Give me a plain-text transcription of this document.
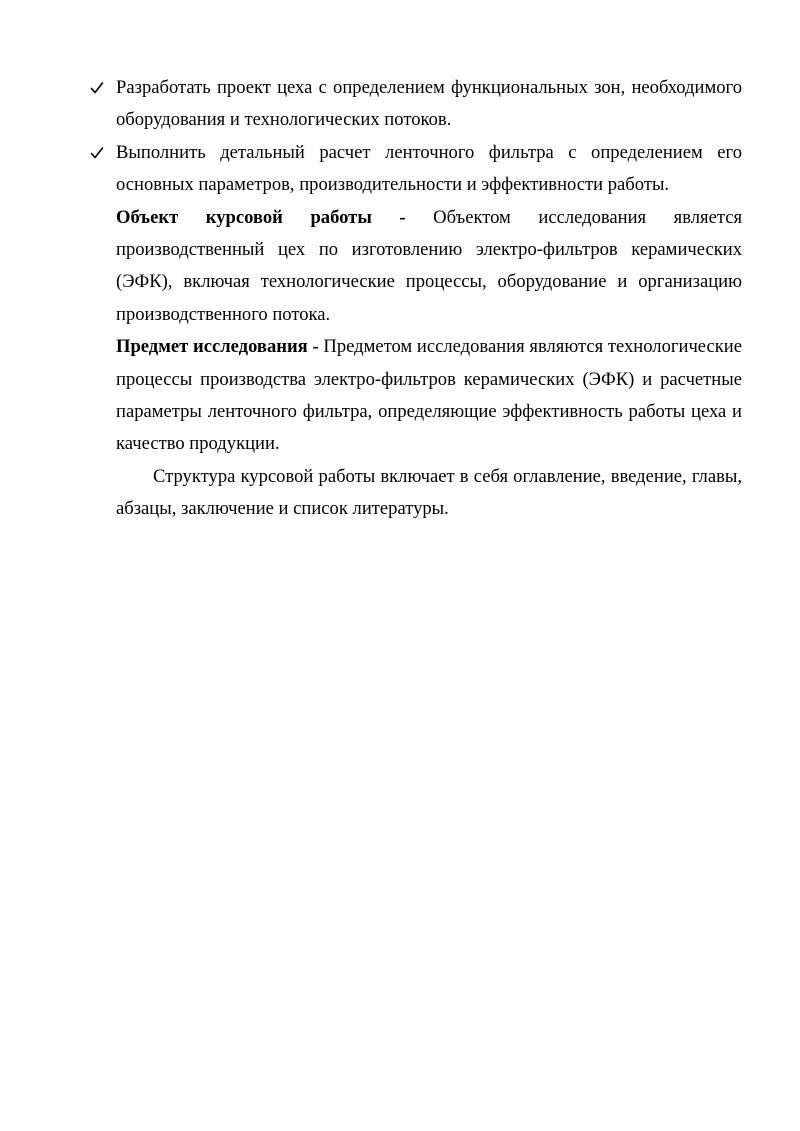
Разработать проект цеха с определением функциональных зон, необходимого оборудования и технологических потоков.

Выполнить детальный расчет ленточного фильтра с определением его основных параметров, производительности и эффективности работы.

Объект курсовой работы - Объектом исследования является производственный цех по изготовлению электро-фильтров керамических (ЭФК), включая технологические процессы, оборудование и организацию производственного потока.

Предмет исследования - Предметом исследования являются технологические процессы производства электро-фильтров керамических (ЭФК) и расчетные параметры ленточного фильтра, определяющие эффективность работы цеха и качество продукции.

Структура курсовой работы включает в себя оглавление, введение, главы, абзацы, заключение и список литературы.
